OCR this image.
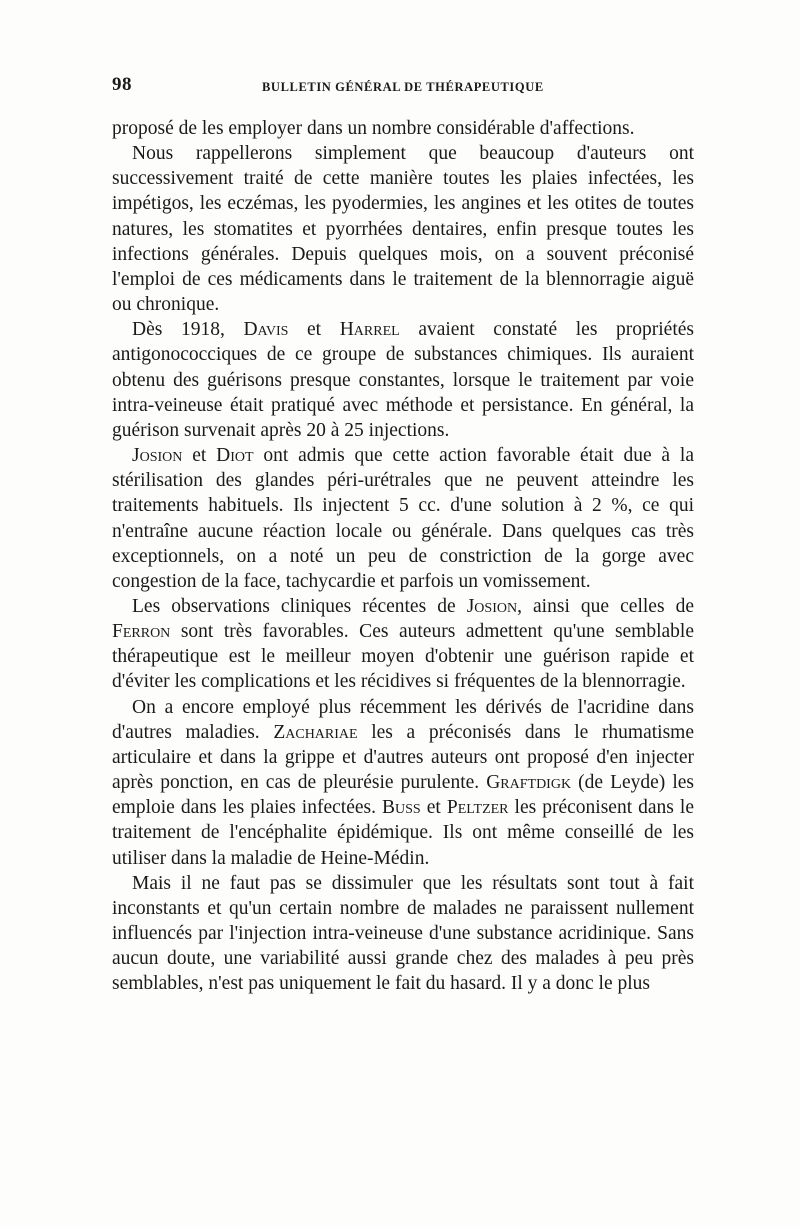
98	BULLETIN GÉNÉRAL DE THÉRAPEUTIQUE

proposé de les employer dans un nombre considérable d'affections.

Nous rappellerons simplement que beaucoup d'auteurs ont successivement traité de cette manière toutes les plaies infectées, les impétigos, les eczémas, les pyodermies, les angines et les otites de toutes natures, les stomatites et pyorrhées dentaires, enfin presque toutes les infections générales. Depuis quelques mois, on a souvent préconisé l'emploi de ces médicaments dans le traitement de la blennorragie aiguë ou chronique.

Dès 1918, Davis et Harrel avaient constaté les propriétés antigonococciques de ce groupe de substances chimiques. Ils auraient obtenu des guérisons presque constantes, lorsque le traitement par voie intra-veineuse était pratiqué avec méthode et persistance. En général, la guérison survenait après 20 à 25 injections.

Josion et Diot ont admis que cette action favorable était due à la stérilisation des glandes péri-urétrales que ne peuvent atteindre les traitements habituels. Ils injectent 5 cc. d'une solution à 2 %, ce qui n'entraîne aucune réaction locale ou générale. Dans quelques cas très exceptionnels, on a noté un peu de constriction de la gorge avec congestion de la face, tachycardie et parfois un vomissement.

Les observations cliniques récentes de Josion, ainsi que celles de Ferron sont très favorables. Ces auteurs admettent qu'une semblable thérapeutique est le meilleur moyen d'obtenir une guérison rapide et d'éviter les complications et les récidives si fréquentes de la blennorragie.

On a encore employé plus récemment les dérivés de l'acridine dans d'autres maladies. Zachariae les a préconisés dans le rhumatisme articulaire et dans la grippe et d'autres auteurs ont proposé d'en injecter après ponction, en cas de pleurésie purulente. Graftdigk (de Leyde) les emploie dans les plaies infectées. Buss et Peltzer les préconisent dans le traitement de l'encéphalite épidémique. Ils ont même conseillé de les utiliser dans la maladie de Heine-Médin.

Mais il ne faut pas se dissimuler que les résultats sont tout à fait inconstants et qu'un certain nombre de malades ne paraissent nullement influencés par l'injection intra-veineuse d'une substance acridinique. Sans aucun doute, une variabilité aussi grande chez des malades à peu près semblables, n'est pas uniquement le fait du hasard. Il y a donc le plus
